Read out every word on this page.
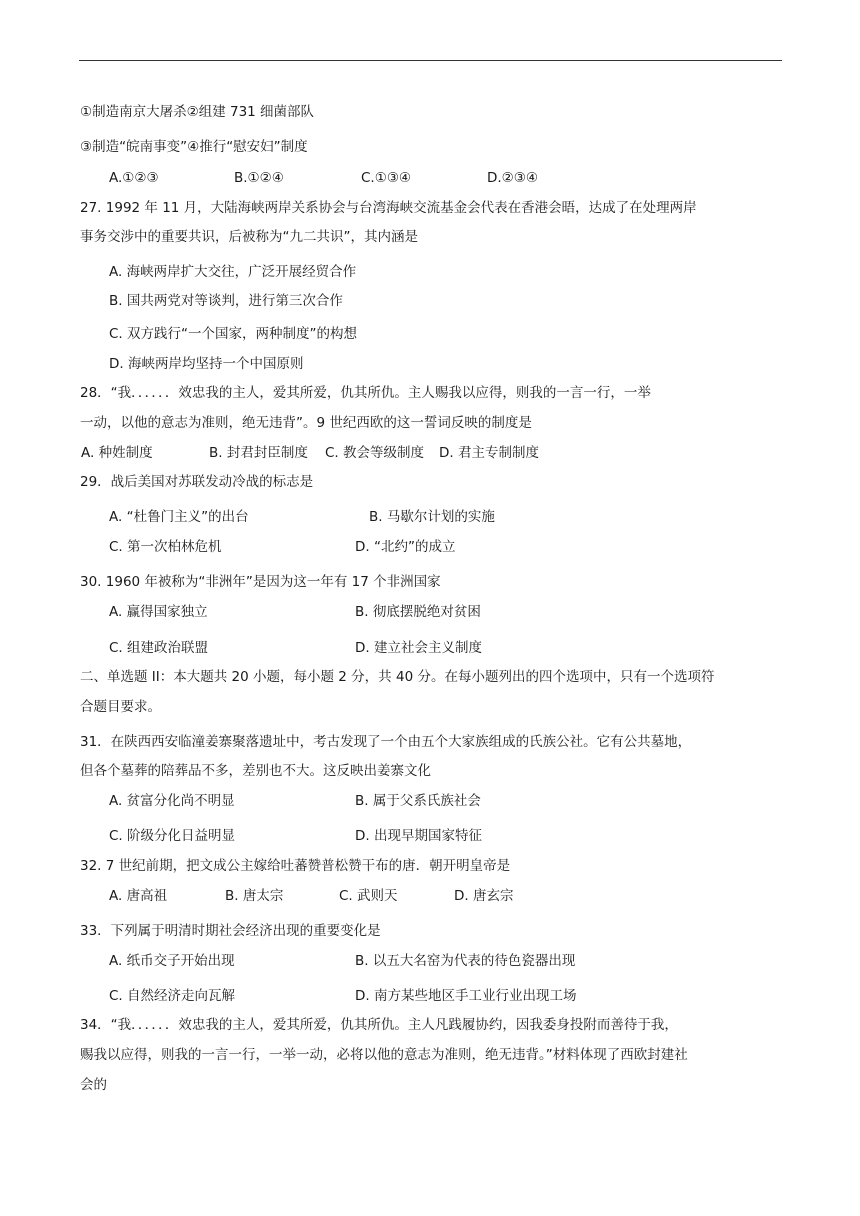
①制造南京大屠杀②组建 731 细菌部队
③制造“皖南事变”④推行“慰安妇”制度
A.①②③	B.①②④	C.①③④	D.②③④
27. 1992 年 11 月，大陆海峡两岸关系协会与台湾海峡交流基金会代表在香港会晤，达成了在处理两岸
事务交涉中的重要共识，后被称为“九二共识”，其内涵是
A. 海峡两岸扩大交往，广泛开展经贸合作
B. 国共两党对等谈判，进行第三次合作
C. 双方践行“一个国家，两种制度”的构想
D. 海峡两岸均坚持一个中国原则
28．“我．．．．．．效忠我的主人，爱其所爱，仇其所仇。主人赐我以应得，则我的一言一行，一举
一动，以他的意志为准则，绝无违背”。9 世纪西欧的这一誓词反映的制度是
A. 种姓制度	B. 封君封臣制度 C. 教会等级制度 D. 君主专制制度
29．战后美国对苏联发动冷战的标志是
A. “杜鲁门主义”的出台	B. 马歇尔计划的实施
C. 第一次柏林危机	D. “北约”的成立
30. 1960 年被称为“非洲年”是因为这一年有 17 个非洲国家
A. 赢得国家独立	B. 彻底摆脱绝对贫困
C. 组建政治联盟	D. 建立社会主义制度
二、单选题 II：本大题共 20 小题，每小题 2 分，共 40 分。在每小题列出的四个选项中，只有一个选项符
合题目要求。
31．在陕西西安临潼姜寨聚落遗址中，考古发现了一个由五个大家族组成的氏族公社。它有公共墓地，
但各个墓葬的陪葬品不多，差别也不大。这反映出姜寨文化
A. 贫富分化尚不明显	B. 属于父系氏族社会
C. 阶级分化日益明显	D. 出现早期国家特征
32. 7 世纪前期，把文成公主嫁给吐蕃赞普松赞干布的唐．朝开明皇帝是
A. 唐高祖	B. 唐太宗	C. 武则天	D. 唐玄宗
33．下列属于明清时期社会经济出现的重要变化是
A. 纸币交子开始出现	B. 以五大名窑为代表的待色瓷器出现
C. 自然经济走向瓦解	D. 南方某些地区手工业行业出现工场
34．“我．．．．．．效忠我的主人，爱其所爱，仇其所仇。主人凡践履协约，因我委身投附而善待于我，
赐我以应得，则我的一言一行，一举一动，必将以他的意志为准则，绝无违背。”材料体现了西欧封建社
会的
